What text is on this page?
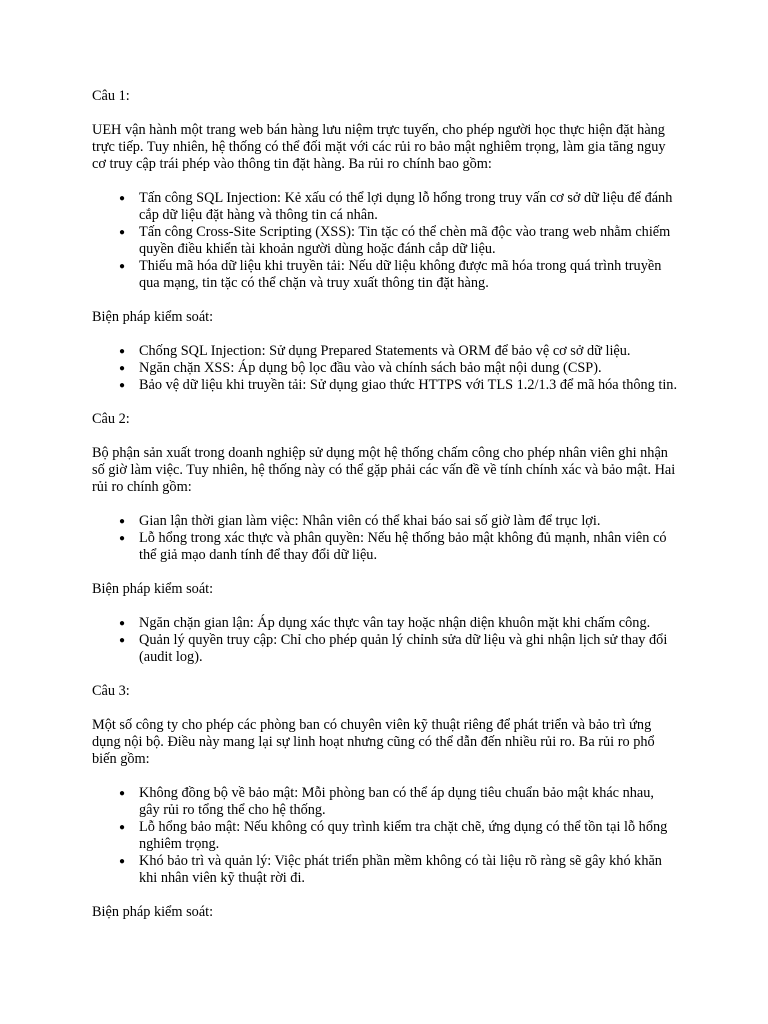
Câu 1:

UEH vận hành một trang web bán hàng lưu niệm trực tuyến, cho phép người học thực hiện đặt hàng trực tiếp. Tuy nhiên, hệ thống có thể đối mặt với các rủi ro bảo mật nghiêm trọng, làm gia tăng nguy cơ truy cập trái phép vào thông tin đặt hàng. Ba rủi ro chính bao gồm:

● Tấn công SQL Injection: Kẻ xấu có thể lợi dụng lỗ hổng trong truy vấn cơ sở dữ liệu để đánh cắp dữ liệu đặt hàng và thông tin cá nhân.
● Tấn công Cross-Site Scripting (XSS): Tin tặc có thể chèn mã độc vào trang web nhằm chiếm quyền điều khiển tài khoản người dùng hoặc đánh cắp dữ liệu.
● Thiếu mã hóa dữ liệu khi truyền tải: Nếu dữ liệu không được mã hóa trong quá trình truyền qua mạng, tin tặc có thể chặn và truy xuất thông tin đặt hàng.

Biện pháp kiểm soát:

● Chống SQL Injection: Sử dụng Prepared Statements và ORM để bảo vệ cơ sở dữ liệu.
● Ngăn chặn XSS: Áp dụng bộ lọc đầu vào và chính sách bảo mật nội dung (CSP).
● Bảo vệ dữ liệu khi truyền tải: Sử dụng giao thức HTTPS với TLS 1.2/1.3 để mã hóa thông tin.

Câu 2:

Bộ phận sản xuất trong doanh nghiệp sử dụng một hệ thống chấm công cho phép nhân viên ghi nhận số giờ làm việc. Tuy nhiên, hệ thống này có thể gặp phải các vấn đề về tính chính xác và bảo mật. Hai rủi ro chính gồm:

● Gian lận thời gian làm việc: Nhân viên có thể khai báo sai số giờ làm để trục lợi.
● Lỗ hổng trong xác thực và phân quyền: Nếu hệ thống bảo mật không đủ mạnh, nhân viên có thể giả mạo danh tính để thay đổi dữ liệu.

Biện pháp kiểm soát:

● Ngăn chặn gian lận: Áp dụng xác thực vân tay hoặc nhận diện khuôn mặt khi chấm công.
● Quản lý quyền truy cập: Chỉ cho phép quản lý chỉnh sửa dữ liệu và ghi nhận lịch sử thay đổi (audit log).

Câu 3:

Một số công ty cho phép các phòng ban có chuyên viên kỹ thuật riêng để phát triển và bảo trì ứng dụng nội bộ. Điều này mang lại sự linh hoạt nhưng cũng có thể dẫn đến nhiều rủi ro. Ba rủi ro phổ biến gồm:

● Không đồng bộ về bảo mật: Mỗi phòng ban có thể áp dụng tiêu chuẩn bảo mật khác nhau, gây rủi ro tổng thể cho hệ thống.
● Lỗ hổng bảo mật: Nếu không có quy trình kiểm tra chặt chẽ, ứng dụng có thể tồn tại lỗ hổng nghiêm trọng.
● Khó bảo trì và quản lý: Việc phát triển phần mềm không có tài liệu rõ ràng sẽ gây khó khăn khi nhân viên kỹ thuật rời đi.

Biện pháp kiểm soát:
